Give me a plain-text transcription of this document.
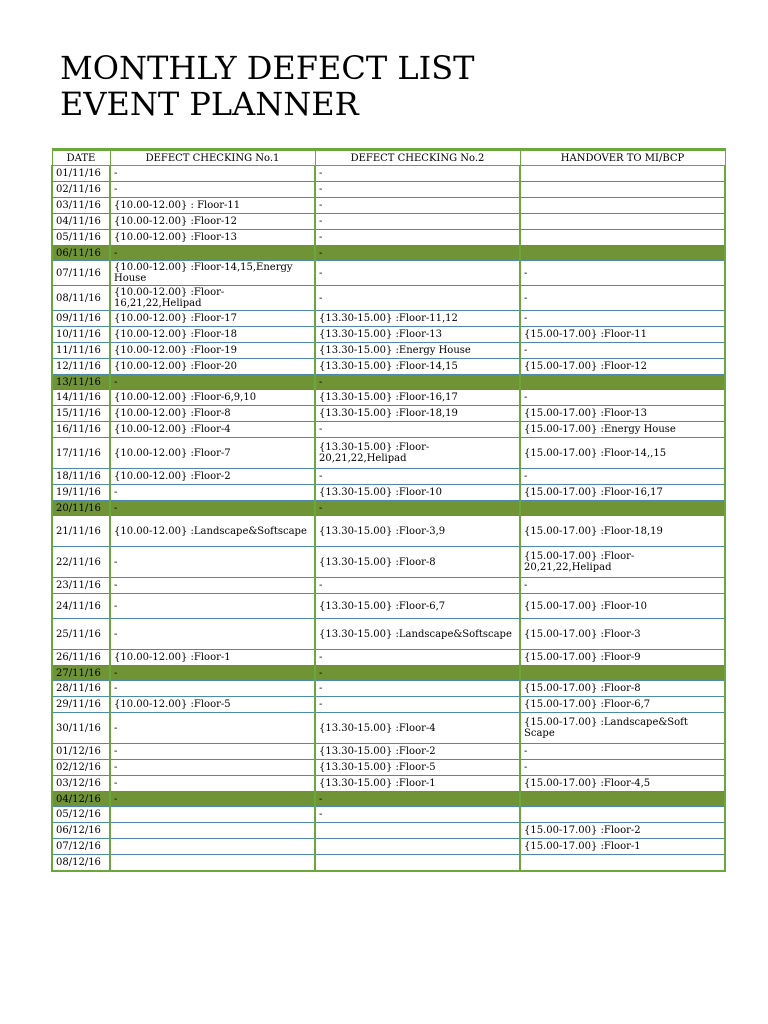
MONTHLY DEFECT LIST
EVENT PLANNER
DATE	DEFECT CHECKING No.1	DEFECT CHECKING No.2	HANDOVER TO MI/BCP
01/11/16	-	-	
02/11/16	-	-	
03/11/16	{10.00-12.00} : Floor-11	-	
04/11/16	{10.00-12.00} :Floor-12	-	
05/11/16	{10.00-12.00} :Floor-13	-	
06/11/16	-	-	
07/11/16	{10.00-12.00} :Floor-14,15,Energy House	-	-
08/11/16	{10.00-12.00} :Floor-16,21,22,Helipad	-	-
09/11/16	{10.00-12.00} :Floor-17	{13.30-15.00} :Floor-11,12	-
10/11/16	{10.00-12.00} :Floor-18	{13.30-15.00} :Floor-13	{15.00-17.00} :Floor-11
11/11/16	{10.00-12.00} :Floor-19	{13.30-15.00} :Energy House	-
12/11/16	{10.00-12.00} :Floor-20	{13.30-15.00} :Floor-14,15	{15.00-17.00} :Floor-12
13/11/16	-	-	
14/11/16	{10.00-12.00} :Floor-6,9,10	{13.30-15.00} :Floor-16,17	-
15/11/16	{10.00-12.00} :Floor-8	{13.30-15.00} :Floor-18,19	{15.00-17.00} :Floor-13
16/11/16	{10.00-12.00} :Floor-4	-	{15.00-17.00} :Energy House
17/11/16	{10.00-12.00} :Floor-7	{13.30-15.00} :Floor-20,21,22,Helipad	{15.00-17.00} :Floor-14,,15
18/11/16	{10.00-12.00} :Floor-2	-	-
19/11/16	-	{13.30-15.00} :Floor-10	{15.00-17.00} :Floor-16,17
20/11/16	-	-	
21/11/16	{10.00-12.00} :Landscape&Softscape	{13.30-15.00} :Floor-3,9	{15.00-17.00} :Floor-18,19
22/11/16	-	{13.30-15.00} :Floor-8	{15.00-17.00} :Floor-20,21,22,Helipad
23/11/16	-	-	-
24/11/16	-	{13.30-15.00} :Floor-6,7	{15.00-17.00} :Floor-10
25/11/16	-	{13.30-15.00} :Landscape&Softscape	{15.00-17.00} :Floor-3
26/11/16	{10.00-12.00} :Floor-1	-	{15.00-17.00} :Floor-9
27/11/16	-	-	
28/11/16	-	-	{15.00-17.00} :Floor-8
29/11/16	{10.00-12.00} :Floor-5	-	{15.00-17.00} :Floor-6,7
30/11/16	-	{13.30-15.00} :Floor-4	{15.00-17.00} :Landscape&Soft Scape
01/12/16	-	{13.30-15.00} :Floor-2	-
02/12/16	-	{13.30-15.00} :Floor-5	-
03/12/16	-	{13.30-15.00} :Floor-1	{15.00-17.00} :Floor-4,5
04/12/16	-	-	
05/12/16		-	
06/12/16			{15.00-17.00} :Floor-2
07/12/16			{15.00-17.00} :Floor-1
08/12/16			
